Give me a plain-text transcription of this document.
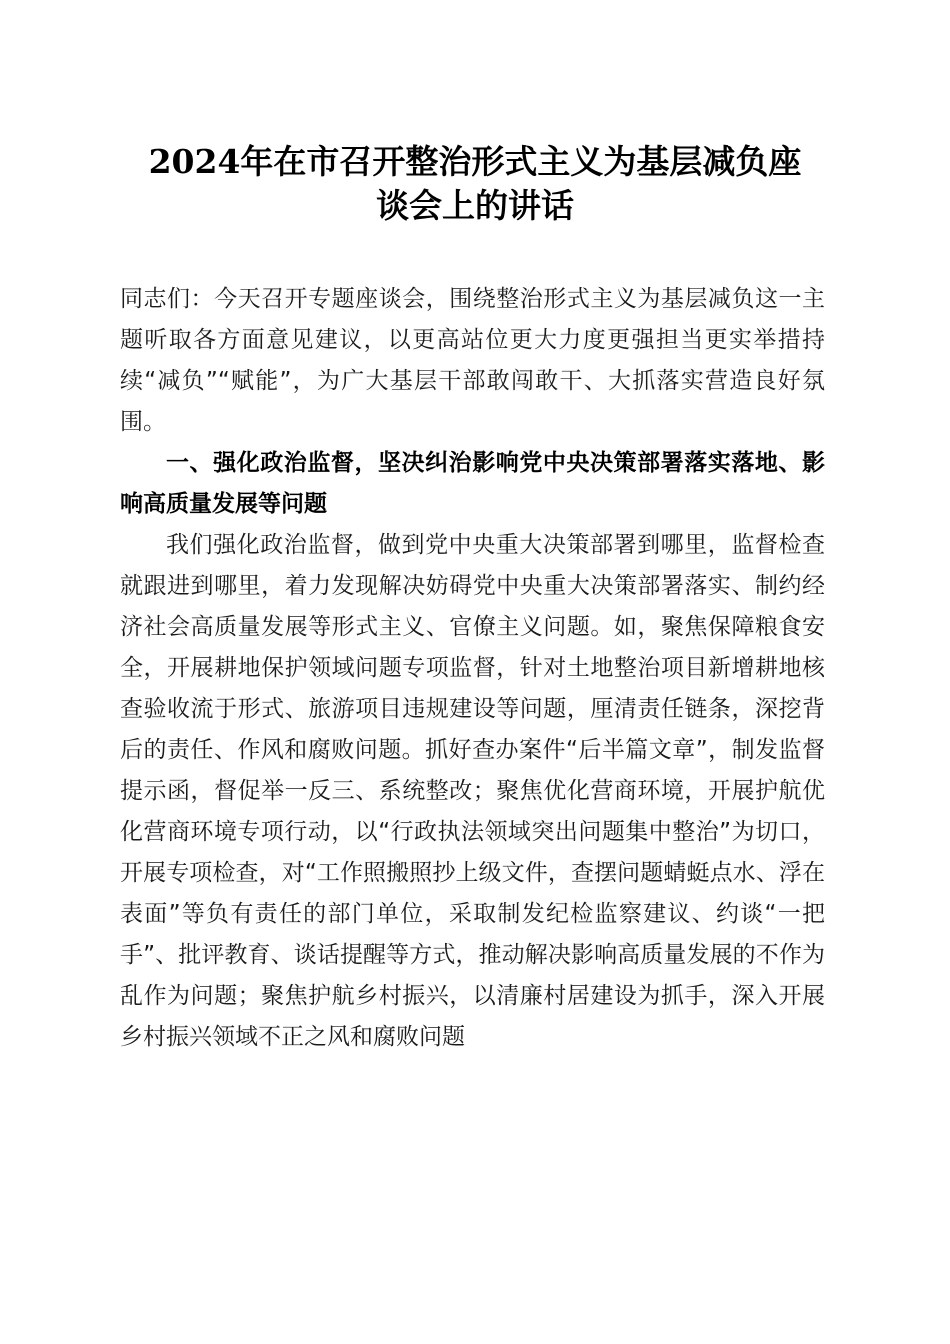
2024年在市召开整治形式主义为基层减负座
谈会上的讲话

同志们：今天召开专题座谈会，围绕整治形式主义为基层减负这一主题听取各方面意见建议，以更高站位更大力度更强担当更实举措持续“减负”“赋能”，为广大基层干部敢闯敢干、大抓落实营造良好氛围。

一、强化政治监督，坚决纠治影响党中央决策部署落实落地、影响高质量发展等问题

我们强化政治监督，做到党中央重大决策部署到哪里，监督检查就跟进到哪里，着力发现解决妨碍党中央重大决策部署落实、制约经济社会高质量发展等形式主义、官僚主义问题。如，聚焦保障粮食安全，开展耕地保护领域问题专项监督，针对土地整治项目新增耕地核查验收流于形式、旅游项目违规建设等问题，厘清责任链条，深挖背后的责任、作风和腐败问题。抓好查办案件“后半篇文章”，制发监督提示函，督促举一反三、系统整改；聚焦优化营商环境，开展护航优化营商环境专项行动，以“行政执法领域突出问题集中整治”为切口，开展专项检查，对“工作照搬照抄上级文件，查摆问题蜻蜓点水、浮在表面”等负有责任的部门单位，采取制发纪检监察建议、约谈“一把手”、批评教育、谈话提醒等方式，推动解决影响高质量发展的不作为乱作为问题；聚焦护航乡村振兴，以清廉村居建设为抓手，深入开展乡村振兴领域不正之风和腐败问题
